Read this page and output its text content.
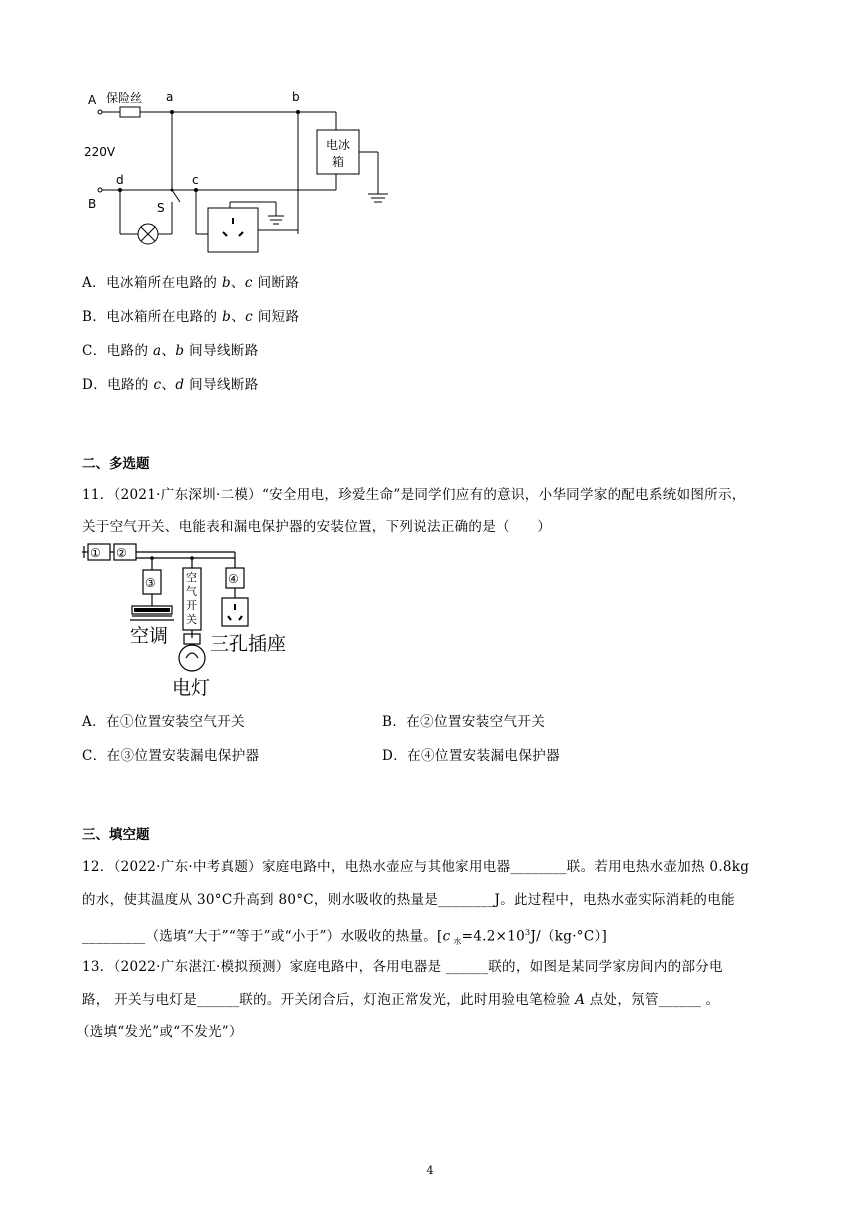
A 保险丝 a	b
220V
B
d	c
S
电冰
箱
A．电冰箱所在电路的 b、c 间断路
B．电冰箱所在电路的 b、c 间短路
C．电路的 a、b 间导线断路
D．电路的 c、d 间导线断路
二、多选题
11．（2021·广东深圳·二模）“安全用电，珍爱生命”是同学们应有的意识，小华同学家的配电系统如图所示，
关于空气开关、电能表和漏电保护器的安装位置，下列说法正确的是（　　）
① ②
③	④
空
气
开
关
空调 三孔插座
电灯
A．在①位置安装空气开关	B．在②位置安装空气开关
C．在③位置安装漏电保护器	D．在④位置安装漏电保护器
三、填空题
12．（2022·广东·中考真题）家庭电路中，电热水壶应与其他家用电器________联。若用电热水壶加热 0.8kg
的水，使其温度从 30°C升高到 80°C，则水吸收的热量是________J。此过程中，电热水壶实际消耗的电能
_________（选填“大于”“等于”或“小于”）水吸收的热量。[c $_水=4.2\times 10^3J/(kg\cdot^\circ C)$]
13．（2022·广东湛江·模拟预测）家庭电路中，各用电器是 ______联的，如图是某同学家房间内的部分电
路， 开关与电灯是______联的。开关闭合后，灯泡正常发光，此时用验电笔检验 A 点处，氖管______ 。
（选填“发光”或“不发光”）
4
